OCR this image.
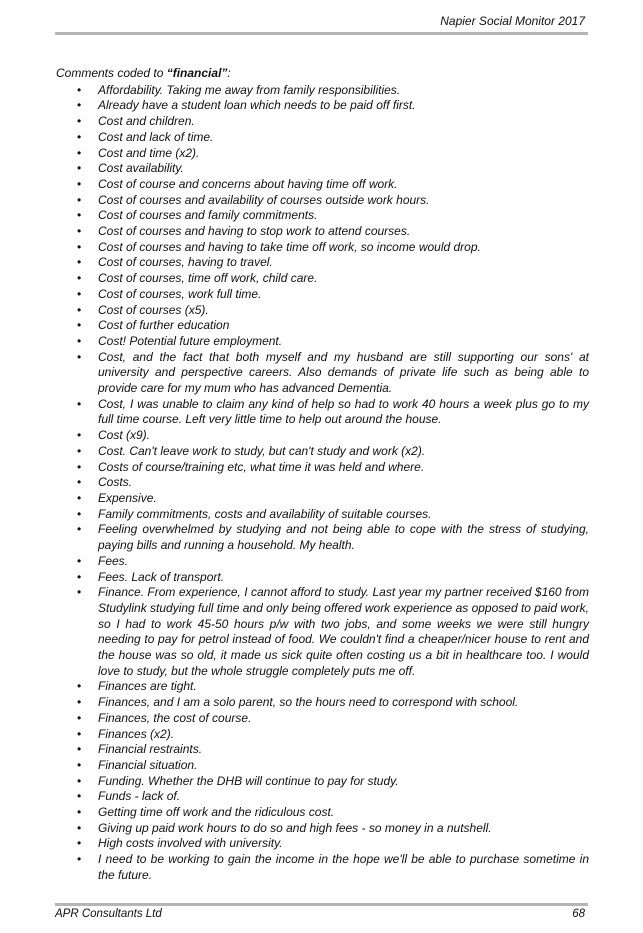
Napier Social Monitor 2017

Comments coded to “financial”:

• Affordability. Taking me away from family responsibilities.
• Already have a student loan which needs to be paid off first.
• Cost and children.
• Cost and lack of time.
• Cost and time (x2).
• Cost availability.
• Cost of course and concerns about having time off work.
• Cost of courses and availability of courses outside work hours.
• Cost of courses and family commitments.
• Cost of courses and having to stop work to attend courses.
• Cost of courses and having to take time off work, so income would drop.
• Cost of courses, having to travel.
• Cost of courses, time off work, child care.
• Cost of courses, work full time.
• Cost of courses (x5).
• Cost of further education
• Cost! Potential future employment.
• Cost, and the fact that both myself and my husband are still supporting our sons' at university and perspective careers. Also demands of private life such as being able to provide care for my mum who has advanced Dementia.
• Cost, I was unable to claim any kind of help so had to work 40 hours a week plus go to my full time course. Left very little time to help out around the house.
• Cost (x9).
• Cost. Can't leave work to study, but can't study and work (x2).
• Costs of course/training etc, what time it was held and where.
• Costs.
• Expensive.
• Family commitments, costs and availability of suitable courses.
• Feeling overwhelmed by studying and not being able to cope with the stress of studying, paying bills and running a household. My health.
• Fees.
• Fees. Lack of transport.
• Finance. From experience, I cannot afford to study. Last year my partner received $160 from Studylink studying full time and only being offered work experience as opposed to paid work, so I had to work 45-50 hours p/w with two jobs, and some weeks we were still hungry needing to pay for petrol instead of food. We couldn't find a cheaper/nicer house to rent and the house was so old, it made us sick quite often costing us a bit in healthcare too. I would love to study, but the whole struggle completely puts me off.
• Finances are tight.
• Finances, and I am a solo parent, so the hours need to correspond with school.
• Finances, the cost of course.
• Finances (x2).
• Financial restraints.
• Financial situation.
• Funding. Whether the DHB will continue to pay for study.
• Funds - lack of.
• Getting time off work and the ridiculous cost.
• Giving up paid work hours to do so and high fees - so money in a nutshell.
• High costs involved with university.
• I need to be working to gain the income in the hope we'll be able to purchase sometime in the future.
APR Consultants Ltd	68
